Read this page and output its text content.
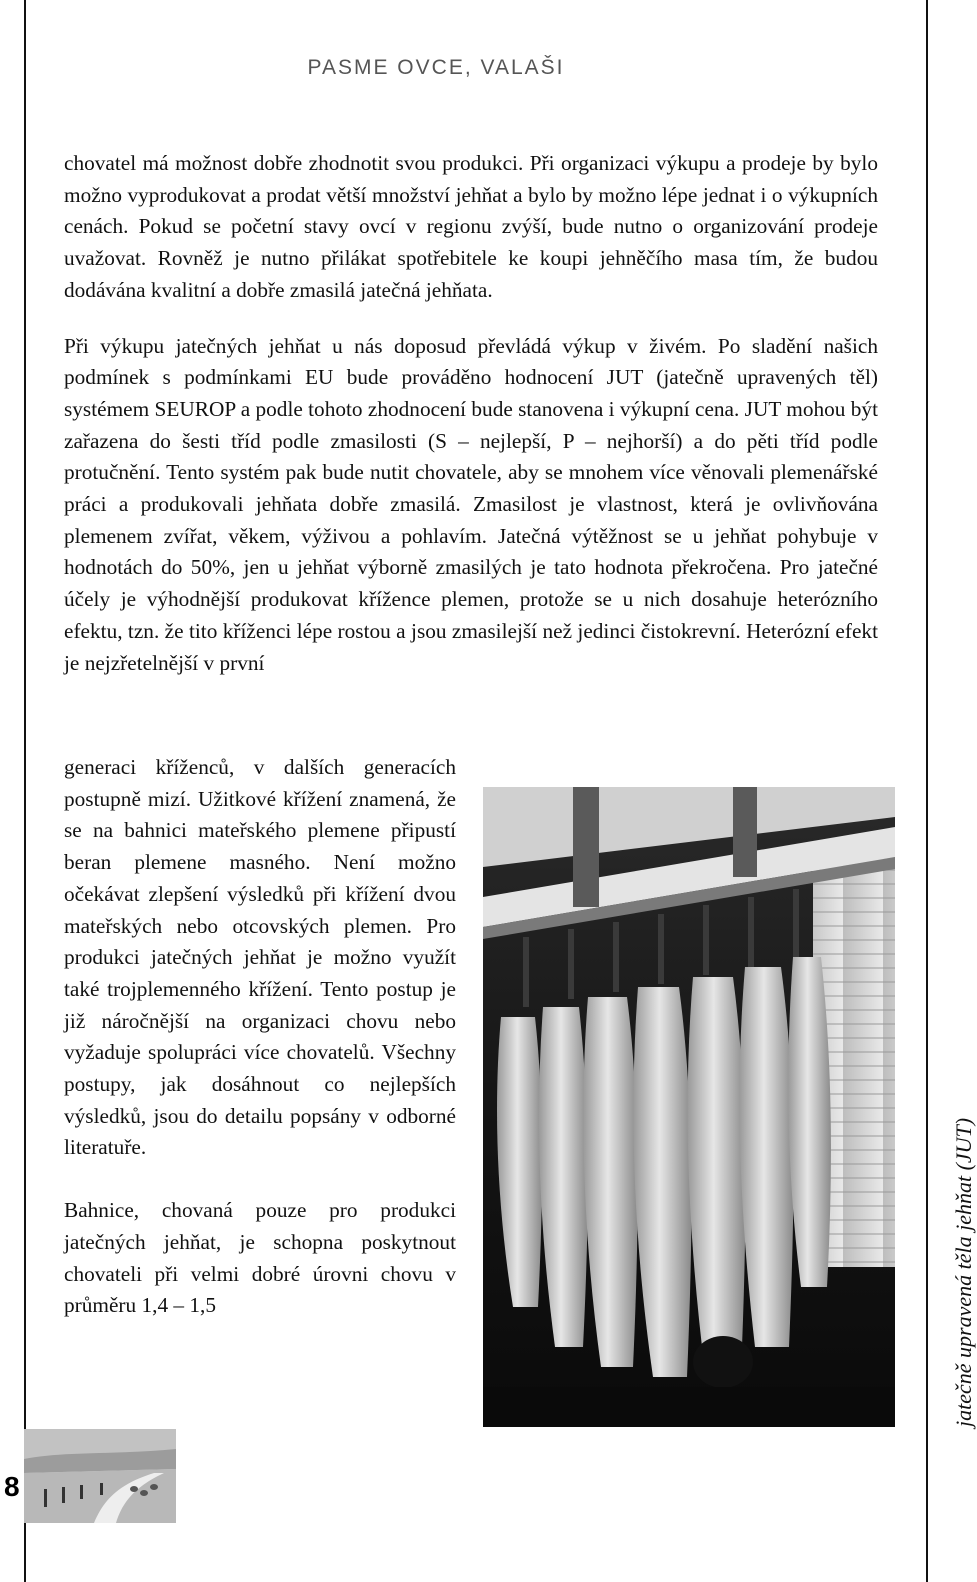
PASME OVCE, VALAŠI

chovatel má možnost dobře zhodnotit svou produkci. Při organizaci výkupu a prodeje by bylo možno vyprodukovat a prodat větší množství jehňat a bylo by možno lépe jednat i o výkupních cenách. Pokud se početní stavy ovcí v regionu zvýší, bude nutno o organizování prodeje uvažovat. Rovněž je nutno přilákat spotřebitele ke koupi jehněčího masa tím, že budou dodávána kvalitní a dobře zmasilá jatečná jehňata.

Při výkupu jatečných jehňat u nás doposud převládá výkup v živém. Po sladění našich podmínek s podmínkami EU bude prováděno hodnocení JUT (jatečně upravených těl) systémem SEUROP a podle tohoto zhodnocení bude stanovena i výkupní cena. JUT mohou být zařazena do šesti tříd podle zmasilosti (S – nejlepší, P – nejhorší) a do pěti tříd podle protučnění. Tento systém pak bude nutit chovatele, aby se mnohem více věnovali plemenářské práci a produkovali jehňata dobře zmasilá. Zmasilost je vlastnost, která je ovlivňována plemenem zvířat, věkem, výživou a pohlavím. Jatečná výtěžnost se u jehňat pohybuje v hodnotách do 50%, jen u jehňat výborně zmasilých je tato hodnota překročena. Pro jatečné účely je výhodnější produkovat křížence plemen, protože se u nich dosahuje heterózního efektu, tzn. že tito kříženci lépe rostou a jsou zmasilejší než jedinci čistokrevní. Heterózní efekt je nejzřetelnější v první

generaci kříženců, v dalších generacích postupně mizí. Užitkové křížení znamená, že se na bahnici mateřského plemene připustí beran plemene masného. Není možno očekávat zlepšení výsledků při křížení dvou mateřských nebo otcovských plemen. Pro produkci jatečných jehňat je možno využít také trojplemenného křížení. Tento postup je již náročnější na organizaci chovu nebo vyžaduje spolupráci více chovatelů. Všechny postupy, jak dosáhnout co nejlepších výsledků, jsou do detailu popsány v odborné literatuře.

Bahnice, chovaná pouze pro produkci jatečných jehňat, je schopna poskytnout chovateli při velmi dobré úrovni chovu v průměru 1,4 – 1,5	jatečně upravená těla jehňat (JUT)
8
